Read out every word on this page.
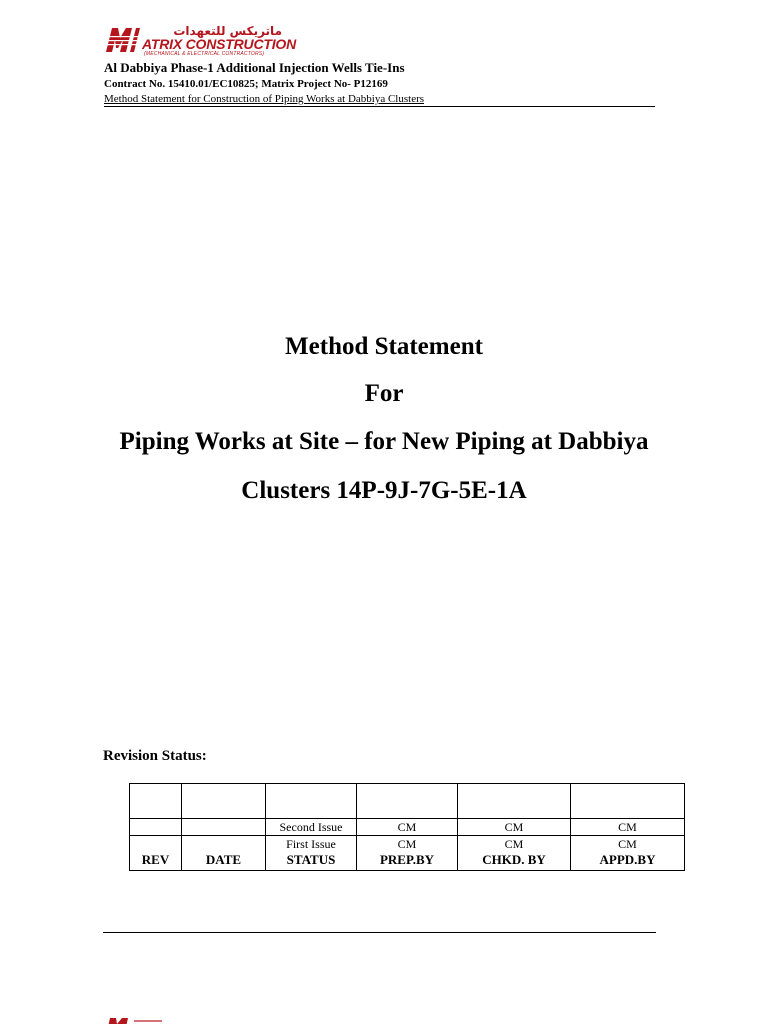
ماتريكس للتعهدات
ATRIX CONSTRUCTION
(MECHANICAL & ELECTRICAL CONTRACTORS)
Al Dabbiya Phase-1 Additional Injection Wells Tie-Ins
Contract No. 15410.01/EC10825; Matrix Project No- P12169
Method Statement for Construction of Piping Works at Dabbiya Clusters
Method Statement
For
Piping Works at Site – for New Piping at Dabbiya
Clusters 14P-9J-7G-5E-1A
Revision Status:

		Second Issue	CM	CM	CM
		First Issue	CM	CM	CM
REV	DATE	STATUS	PREP.BY	CHKD. BY	APPD.BY
